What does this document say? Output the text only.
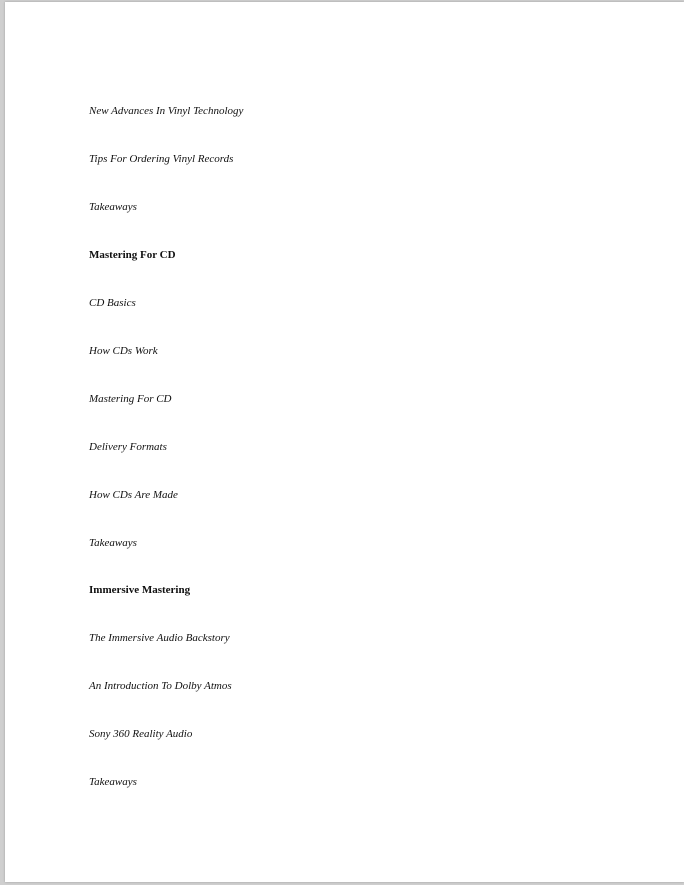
New Advances In Vinyl Technology
Tips For Ordering Vinyl Records
Takeaways
Mastering For CD
CD Basics
How CDs Work
Mastering For CD
Delivery Formats
How CDs Are Made
Takeaways
Immersive Mastering
The Immersive Audio Backstory
An Introduction To Dolby Atmos
Sony 360 Reality Audio
Takeaways
